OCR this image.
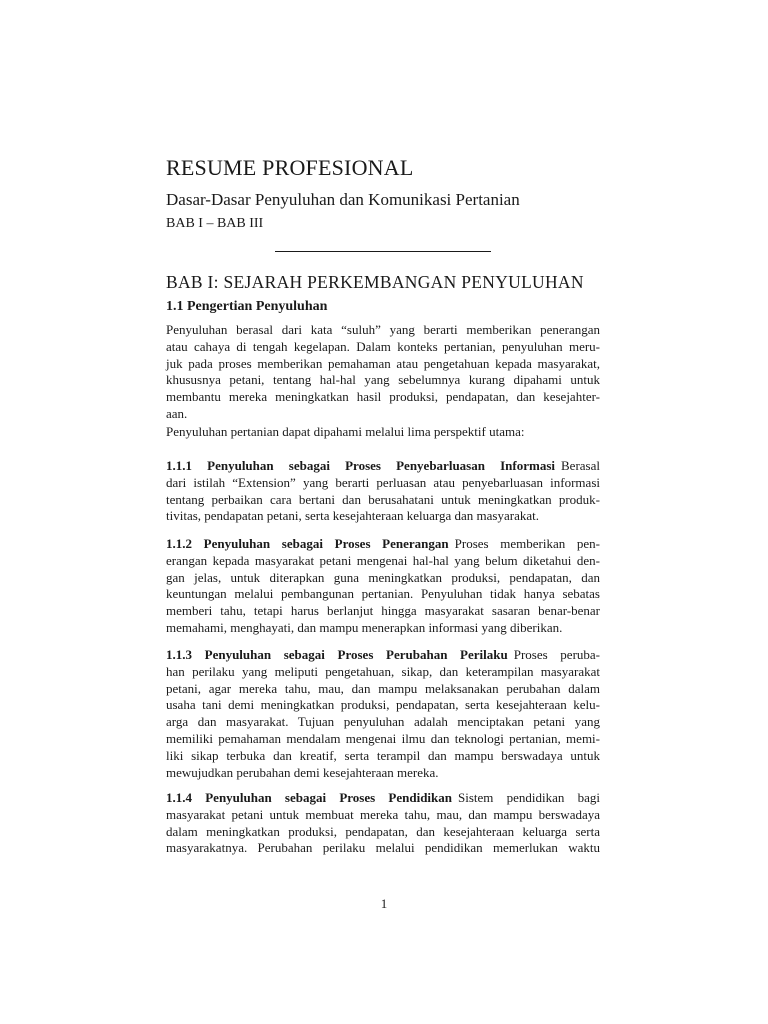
RESUME PROFESIONAL
Dasar-Dasar Penyuluhan dan Komunikasi Pertanian
BAB I – BAB III
BAB I: SEJARAH PERKEMBANGAN PENYULUHAN
1.1 Pengertian Penyuluhan
Penyuluhan berasal dari kata “suluh” yang berarti memberikan penerangan
atau cahaya di tengah kegelapan. Dalam konteks pertanian, penyuluhan meru-
juk pada proses memberikan pemahaman atau pengetahuan kepada masyarakat,
khususnya petani, tentang hal-hal yang sebelumnya kurang dipahami untuk
membantu mereka meningkatkan hasil produksi, pendapatan, dan kesejahter-
aan.
Penyuluhan pertanian dapat dipahami melalui lima perspektif utama:
1.1.1 Penyuluhan sebagai Proses Penyebarluasan Informasi Berasal
dari istilah “Extension” yang berarti perluasan atau penyebarluasan informasi
tentang perbaikan cara bertani dan berusahatani untuk meningkatkan produk-
tivitas, pendapatan petani, serta kesejahteraan keluarga dan masyarakat.
1.1.2 Penyuluhan sebagai Proses Penerangan Proses memberikan pen-
erangan kepada masyarakat petani mengenai hal-hal yang belum diketahui den-
gan jelas, untuk diterapkan guna meningkatkan produksi, pendapatan, dan
keuntungan melalui pembangunan pertanian. Penyuluhan tidak hanya sebatas
memberi tahu, tetapi harus berlanjut hingga masyarakat sasaran benar-benar
memahami, menghayati, dan mampu menerapkan informasi yang diberikan.
1.1.3 Penyuluhan sebagai Proses Perubahan Perilaku Proses peruba-
han perilaku yang meliputi pengetahuan, sikap, dan keterampilan masyarakat
petani, agar mereka tahu, mau, dan mampu melaksanakan perubahan dalam
usaha tani demi meningkatkan produksi, pendapatan, serta kesejahteraan kelu-
arga dan masyarakat. Tujuan penyuluhan adalah menciptakan petani yang
memiliki pemahaman mendalam mengenai ilmu dan teknologi pertanian, memi-
liki sikap terbuka dan kreatif, serta terampil dan mampu berswadaya untuk
mewujudkan perubahan demi kesejahteraan mereka.
1.1.4 Penyuluhan sebagai Proses Pendidikan Sistem pendidikan bagi
masyarakat petani untuk membuat mereka tahu, mau, dan mampu berswadaya
dalam meningkatkan produksi, pendapatan, dan kesejahteraan keluarga serta
masyarakatnya. Perubahan perilaku melalui pendidikan memerlukan waktu
1
